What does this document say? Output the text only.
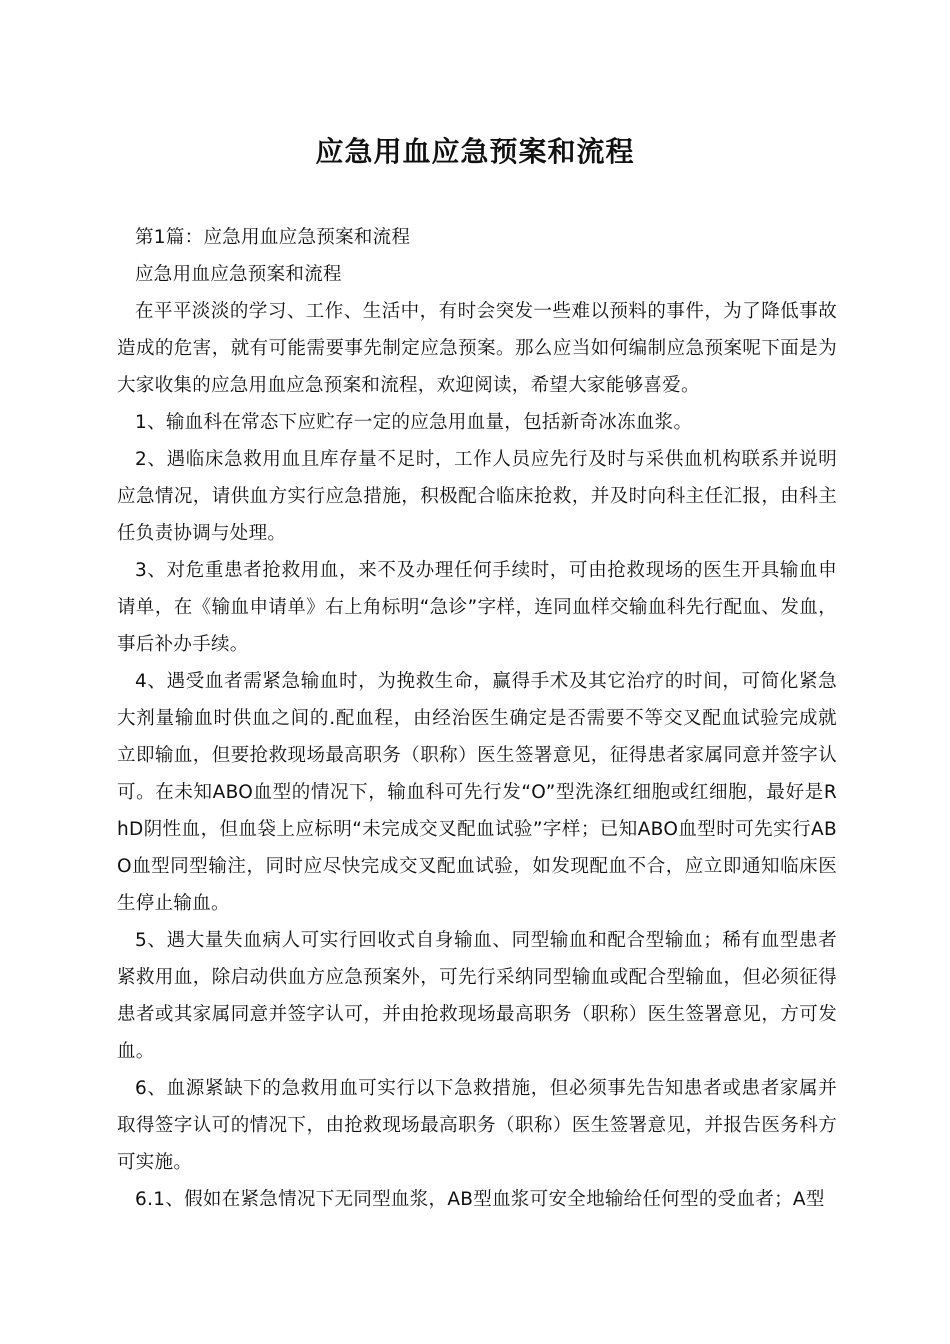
应急用血应急预案和流程

第1篇：应急用血应急预案和流程

应急用血应急预案和流程

在平平淡淡的学习、工作、生活中，有时会突发一些难以预料的事件，为了降低事故造成的危害，就有可能需要事先制定应急预案。那么应当如何编制应急预案呢下面是为大家收集的应急用血应急预案和流程，欢迎阅读，希望大家能够喜爱。

1、输血科在常态下应贮存一定的应急用血量，包括新奇冰冻血浆。

2、遇临床急救用血且库存量不足时，工作人员应先行及时与采供血机构联系并说明应急情况，请供血方实行应急措施，积极配合临床抢救，并及时向科主任汇报，由科主任负责协调与处理。

3、对危重患者抢救用血，来不及办理任何手续时，可由抢救现场的医生开具输血申请单，在《输血申请单》右上角标明“急诊”字样，连同血样交输血科先行配血、发血，事后补办手续。

4、遇受血者需紧急输血时，为挽救生命，赢得手术及其它治疗的时间，可简化紧急大剂量输血时供血之间的.配血程，由经治医生确定是否需要不等交叉配血试验完成就立即输血，但要抢救现场最高职务（职称）医生签署意见，征得患者家属同意并签字认可。在未知ABO血型的情况下，输血科可先行发“O”型洗涤红细胞或红细胞，最好是RhD阴性血，但血袋上应标明“未完成交叉配血试验”字样；已知ABO血型时可先实行ABO血型同型输注，同时应尽快完成交叉配血试验，如发现配血不合，应立即通知临床医生停止输血。

5、遇大量失血病人可实行回收式自身输血、同型输血和配合型输血；稀有血型患者紧救用血，除启动供血方应急预案外，可先行采纳同型输血或配合型输血，但必须征得患者或其家属同意并签字认可，并由抢救现场最高职务（职称）医生签署意见，方可发血。

6、血源紧缺下的急救用血可实行以下急救措施，但必须事先告知患者或患者家属并取得签字认可的情况下，由抢救现场最高职务（职称）医生签署意见，并报告医务科方可实施。

6.1、假如在紧急情况下无同型血浆，AB型血浆可安全地输给任何型的受血者；A型
